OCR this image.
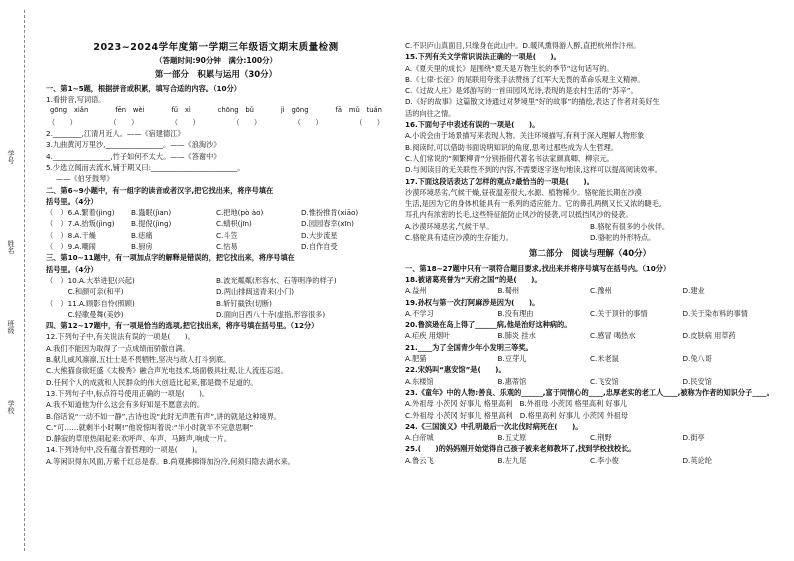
学号
姓名
班级
学校
2023~2024学年度第一学期三年级语文期末质量检测
（答题时间:90分钟　满分:100分）
第一部分　积累与运用（30分）
一、第1~5题，根据拼音或积累，填写合适的内容。（10分）
1.看拼音,写词语。
gōng　xiǎn	fēn　wèi	fǔ　xì	chōng　bǔ	jì　gōng	fā　mǔ　tuán
（　　）	（　　）	（　　）	（　　）	（　　）	（　　）
2.________,江清月近人。——《宿建德江》
3.九曲黄河万里沙,________________。——《浪淘沙》
4.________________,竹子如何不太大。——《答谢中》
5.少选立闻而去流水,铺于期又曰:________________________。
——《伯牙鼓琴》
二、第6~9小题中，有一组字的读音或者汉字,把它找出来，将序号填在
括号里。（4分）
（　）6.A.繁着(jìng)	B.蟲眠(jìan)	C.把地(pò ào)	D.惟扮推肯(xiāo)
（　）7.A.抬叛(jìng)	B.提倪(jìng)	C.蜻枳(jīn)	D.园园春幸(xīn)
（　）8.A.干燥	B.痣痛	C.斗笠	D.大步流星
（　）9.A.嘲闹	B.厨房	C.怙易	D.自作自受
三、第10~11题中，有一项加点字的解释是错误的，把它找出来，将序号填在
括号里。（4分）
（　）10.A.大举进犯(兴起)	B.波光粼粼(形容水、石等明净的样子)
　　　C.和颜可亲(和平)	D.两山排闼送青来(小门)
（　）11.A.顾影自怜(照顾)	B.斩钉截铁(切断)
　　　C.轻歌曼舞(美妙)	D.面向日西八十寺(虚指,形容很多)
四、第12~17题中，有一项是恰当的选项,把它找出来，将序号填在括号里。（12分）
12.下列句子中,有关说法有误的一项是(　　)。
A.我们不能因为取得了一点成绩而骄傲自满。
B.献儿威风凛凛,五壮士是不畏牺牲,坚决与敌人打斗到底。
C.大熊猫食欲旺盛《太极秀》融合声光电技术,场面极具壮观,让人流连忘返。
D.任何个人的成就和人民群众的伟大创造比起来,都是微不足道的。
13.下列句子中,标点符号使用正确的一项是(　　)。
A.我不知道他为什么这会有多好知是不愿意去的。
B.俗话说“一动不如一静”,古诗也说“此时无声胜有声”,讲的就是这种境界。
C.“可……就剩半小时啊!”他说惊叫着说:“半小时就半不完意思啊”
D.静寂的草原热闹起来:欢呼声、车声、马蹄声,响成一片。
14.下列诗句中,没有蕴含着哲理的一项是(　　)。
A.等闲识得东风面,万紫千红总是春。B.尚观拂拂得加汾冷,何须归隐去湖水来。
C.不识庐山真面目,只缘身在此山中。D.暖风熏得游人醉,直把杭州作汴州。
15.下列有关文学常识说法正确的一项是(　　)。
A.《夏天里的成长》是围绕“夏天是万物生长的季节”这句话写的。
B.《七律·长征》的尾联用夸张手法赞扬了红军大无畏的革命乐观主义精神。
C.《过故人庄》是郊游写的一首田园风光诗,表现的是农村生活的“苏辛”。
D.《好的故事》这篇散文诗通过对梦境里“好的故事”的描绘,表达了作者对美好生
活的向往之情。
16.下面句子中表述有误的一项是(　　)。
A.小说会由于场景描写来表现人物。关注环境描写,有利于深入理解人物形象
B.阅读时,可以借助书面说明知识的角度,思考过那些成为人生哲理。
C.人们常说的“频繁柳青”分别指借代著名书法家颜真卿、柳宗元。
D.与阅读目的无关联性不到的内容,不需要逐字逐句地读,这样可以提高阅读效率。
17.下面这段话表达了怎样的观点?最恰当的一项是(　　)。
沙漠环境恶劣,气候干燥,昼夜温差很大,水源、植物稀少。骆驼能长期在沙漠
生活,是因为它的身体机能具有一系列的适应能力。它的鼻孔两侧又长又浓的睫毛,
耳孔内有浓密的长毛,这些特征能防止风沙的侵袭,可以抵挡风沙的侵袭。
A.沙漠环境恶劣,气候干旱。	B.骆驼有很多的小伙伴。
C.骆驼具有适应沙漠的生存能力。	D.骆驼的外形特点。
第二部分　阅读与理解（40分）
一、第18~27题中只有一项符合题目要求,找出来并将序号填写在括号内。（10分）
18.被诸葛亮誉为“天府之国”的是(　　)。
A.益州	B.蜀州	C.豫州	D.建业
19.孙权与第一次打阿麻涉是因为(　　)。
A.不学习	B.没有理由	C.关于顶针的事情	D.关于染布料的事情
20.鲁滨逊在岛上得了______病,他是治好这种病的。
A.疟疾 用烟叶	B.肺炎 挂水	C.感冒 喝热水	D.皮肤病 用草药
21.____为了全国青少年小发明三等奖。
A.肥猫	B.豆芽儿	C.米老鼠	D.兔八哥
22.宋妈叫“惠安馆”是(　　)。
A.东楼馆	B.惠蒂馆	C.飞安馆	D.民安馆
23.《童年》中的人物:善良、乐观的______,富于同情心的____,忠厚老实的老工人____,被称为作者的知识分子____。
A.外祖母 小茨冈 好事儿 格里高利　B.外祖母 小茨冈 格里高利 好事儿
C.外祖母 小茨冈 好事儿 格里高利　D.格里高利 好事儿 小茨冈 外祖母
24.《三国演义》中孔明最后一次北伐时病死在(　　)。
A.白帝城	B.五丈原	C.荆野	D.街亭
25.(　　)的妈妈刚开始觉得自己孩子被来老师教坏了,找到学校找校长。
A.鲁云飞	B.左九尾	C.李小俊	D.英论纶
